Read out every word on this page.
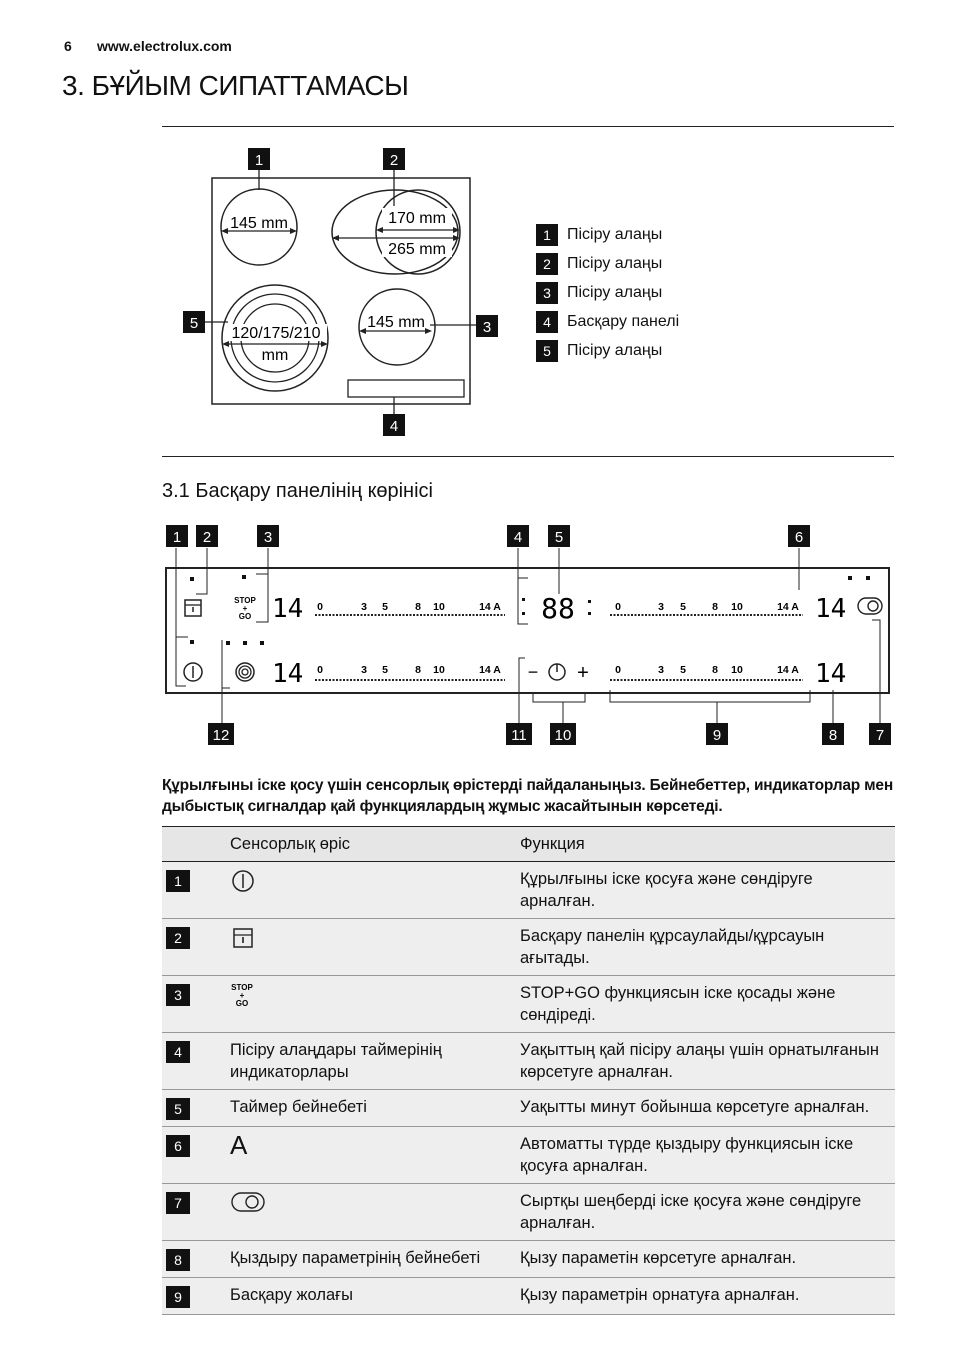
6 www.electrolux.com
3. БҰЙЫМ СИПАТТАМАСЫ
145 mm	170 mm
265 mm
120/175/210
mm
145 mm
1	2
3
4
5
1	Пісіру алаңы
2	Пісіру алаңы
3	Пісіру алаңы
4	Басқару панелі
5	Пісіру алаңы
3.1 Басқару панелінің көрінісі
STOP
+
GO 14 0	3 5	8 10	14 A 88	0	3 5 8 10	14 A 14
14 0	3 5	8 10	14 A − + 0	3 5 8 10	14 A 14
1 2	3	4 5	6
12	11 10	9	8	7
Құрылғыны іске қосу үшін сенсорлық өрістерді пайдаланыңыз. Бейнебеттер, индикаторлар мен дыбыстық сигналдар қай функциялардың жұмыс жасайтынын көрсетеді.
	Сенсорлық өріс	Функция
1		Құрылғыны іске қосуға және сөндіруге арналған.
2		Басқару панелін құрсаулайды/құрсауын ағытады.
3	STOP
+
GO	STOP+GO функциясын іске қосады және сөндіреді.
4	Пісіру алаңдары таймерінің индикаторлары	Уақыттың қай пісіру алаңы үшін орнатылғанын көрсетуге арналған.
5	Таймер бейнебеті	Уақытты минут бойынша көрсетуге арналған.
6	A	Автоматты түрде қыздыру функциясын іске қосуға арналған.
7		Сыртқы шеңберді іске қосуға және сөндіруге арналған.
8	Қыздыру параметрінің бейнебеті	Қызу параметін көрсетуге арналған.
9	Басқару жолағы	Қызу параметрін орнатуға арналған.
